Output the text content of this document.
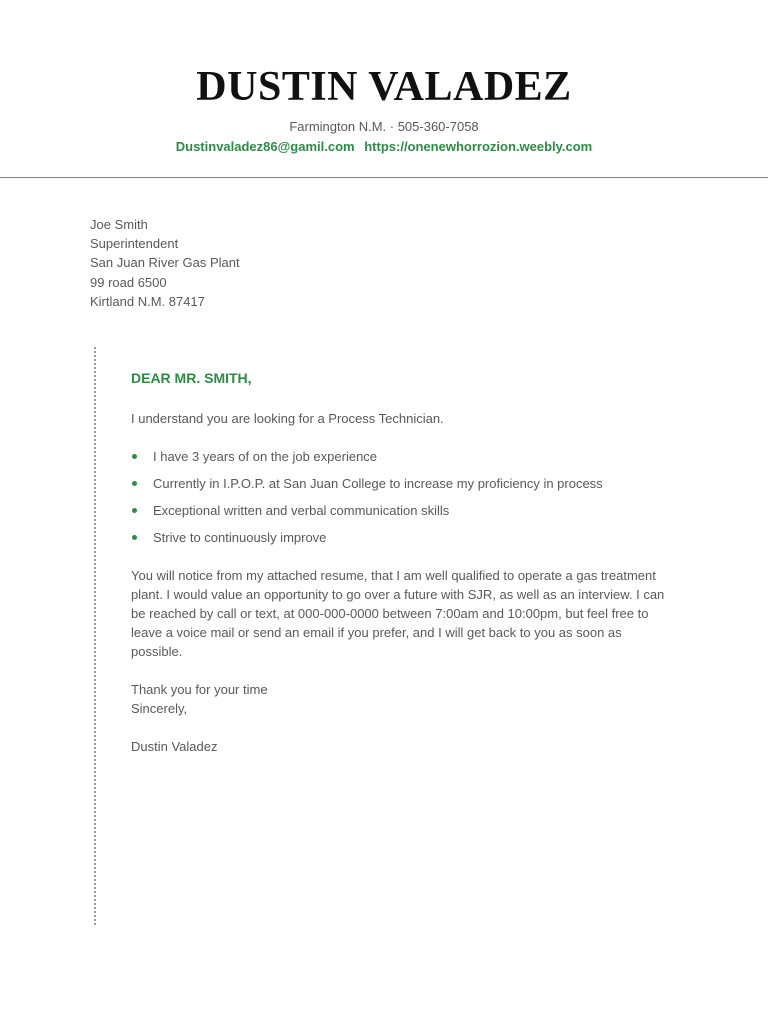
DUSTIN VALADEZ
Farmington N.M. · 505-360-7058
Dustinvaladez86@gamil.com https://onenewhorrozion.weebly.com
Joe Smith
Superintendent
San Juan River Gas Plant
99 road 6500
Kirtland N.M. 87417
DEAR MR. SMITH,
I understand you are looking for a Process Technician.
I have 3 years of on the job experience
Currently in I.P.O.P. at San Juan College to increase my proficiency in process
Exceptional written and verbal communication skills
Strive to continuously improve
You will notice from my attached resume, that I am well qualified to operate a gas treatment plant. I would value an opportunity to go over a future with SJR, as well as an interview. I can be reached by call or text, at 000-000-0000 between 7:00am and 10:00pm, but feel free to leave a voice mail or send an email if you prefer, and I will get back to you as soon as possible.
Thank you for your time
Sincerely,
Dustin Valadez
